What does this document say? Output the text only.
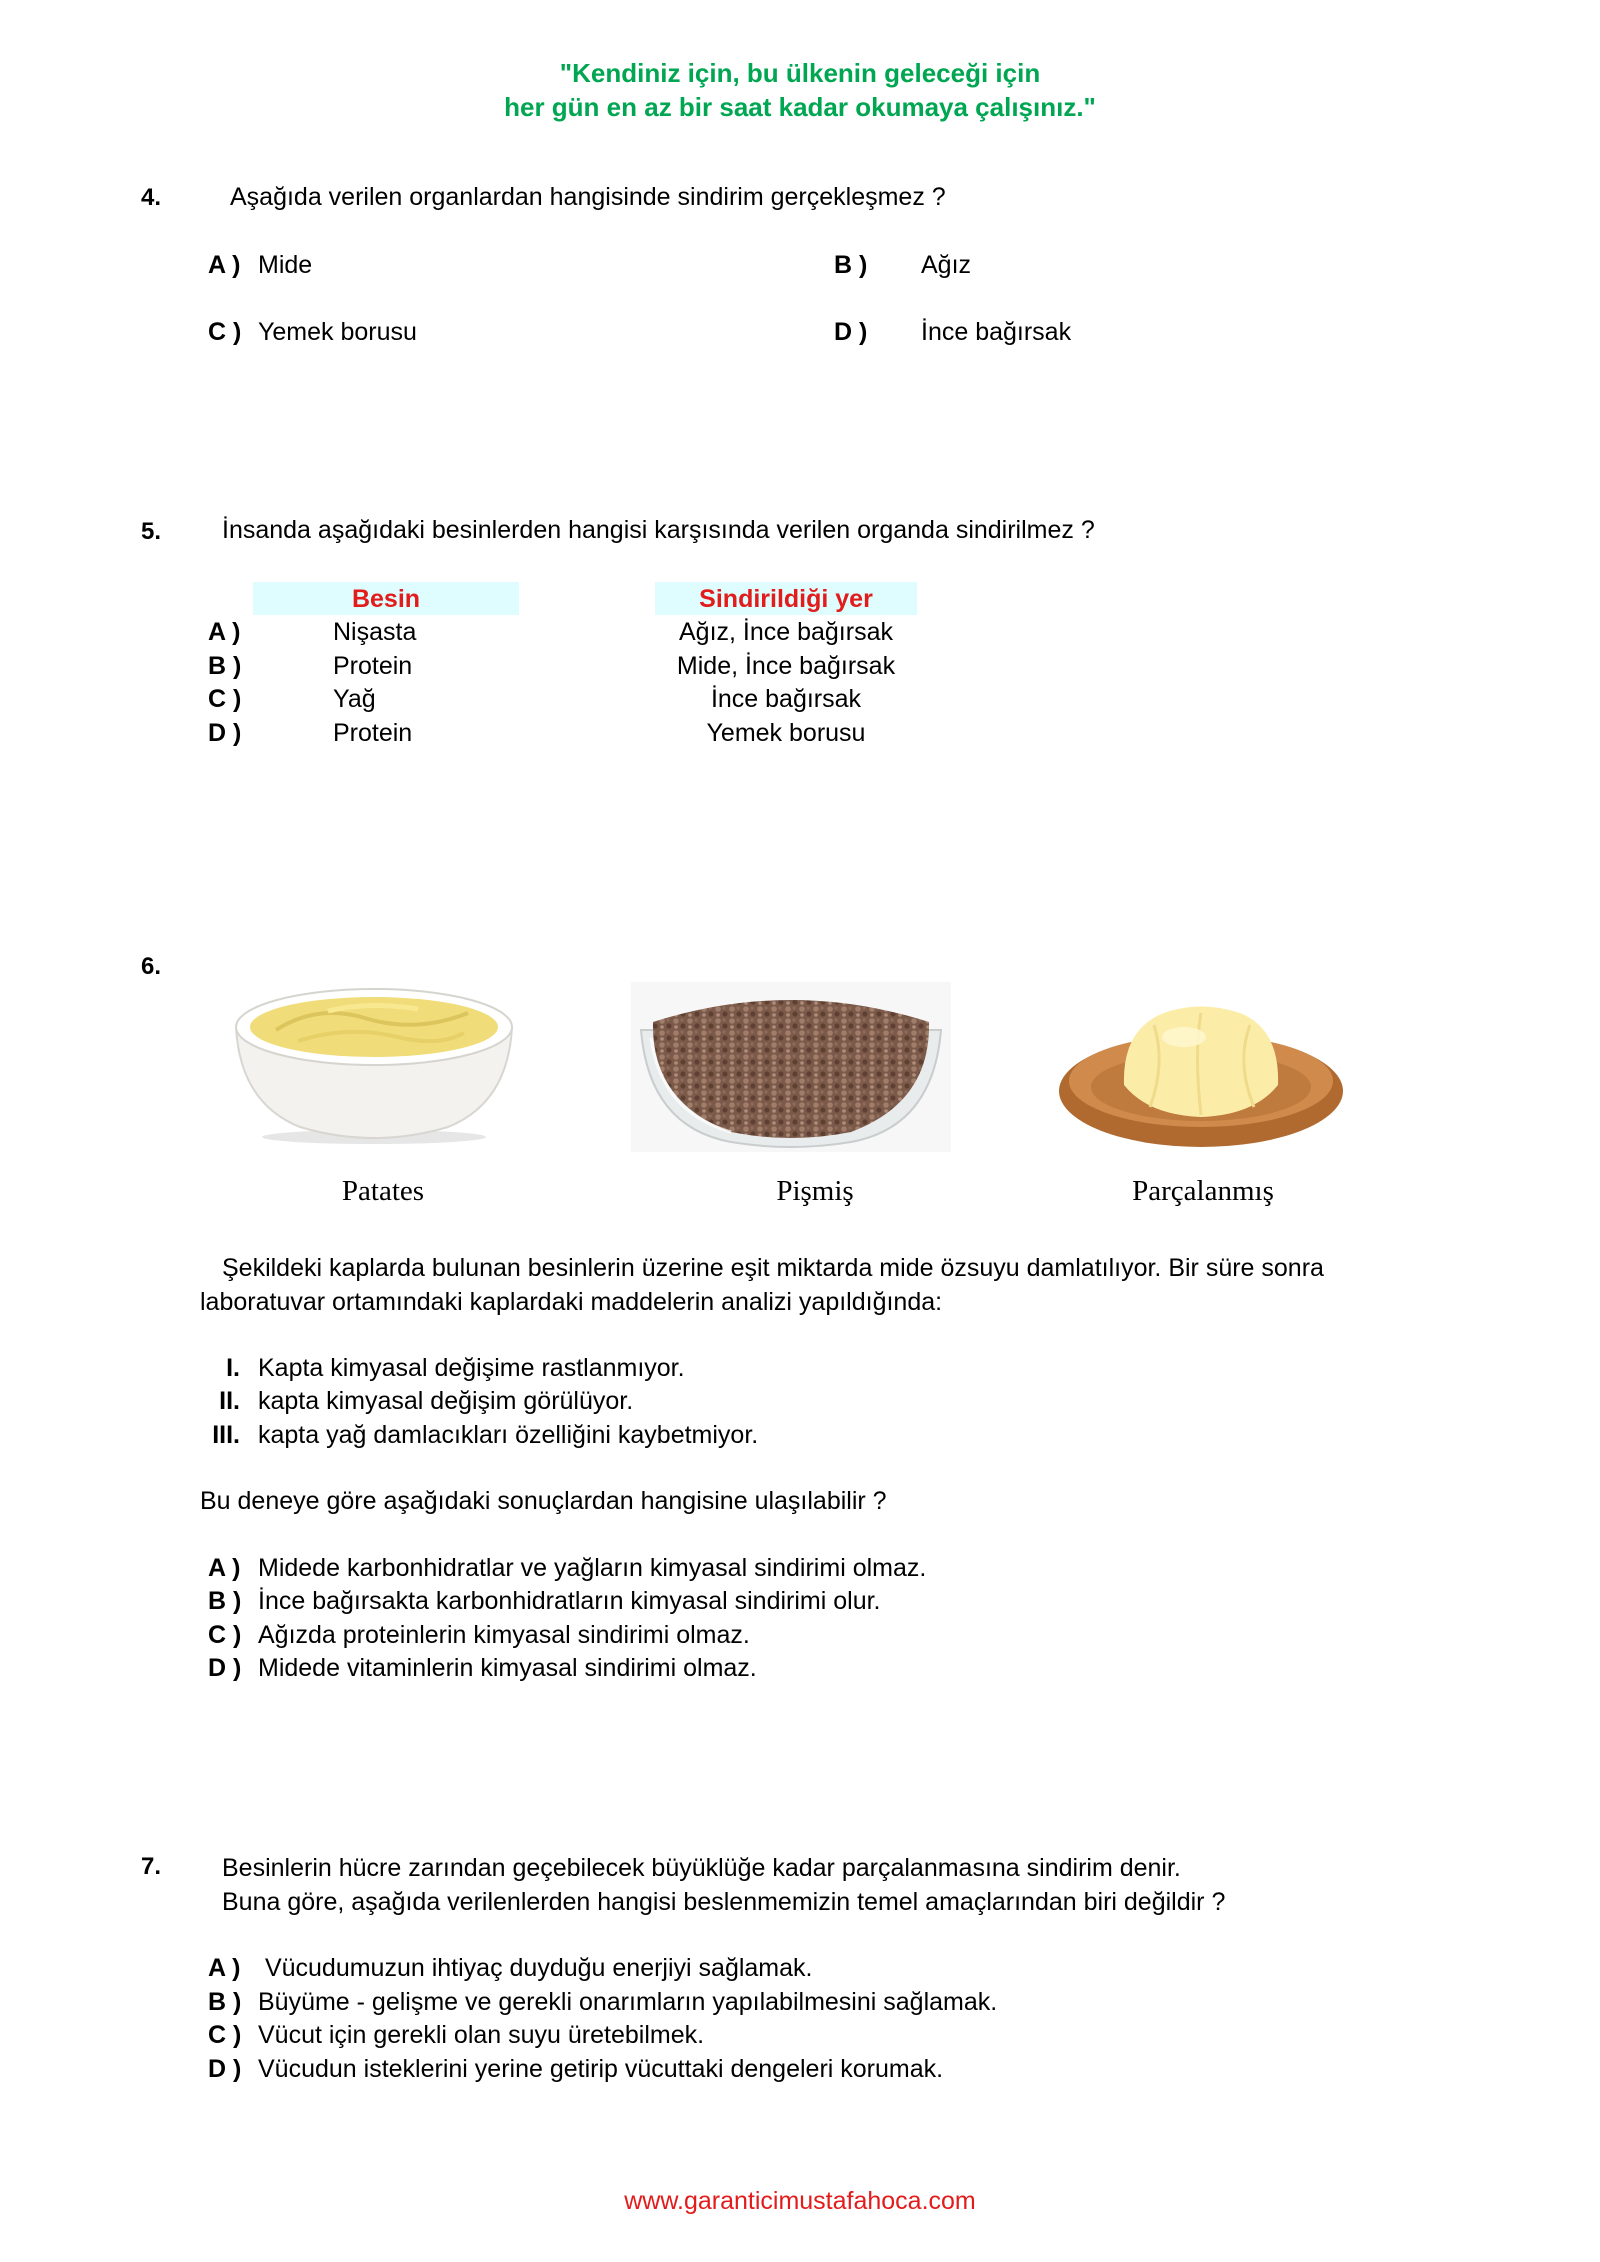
"Kendiniz için, bu ülkenin geleceği için
her gün en az bir saat kadar okumaya çalışınız."
4.	Aşağıda verilen organlardan hangisinde sindirim gerçekleşmez ?
A ) Mide	B ) Ağız
C ) Yemek borusu	D ) İnce bağırsak
5. İnsanda aşağıdaki besinlerden hangisi karşısında verilen organda sindirilmez ?
Besin	Sindirildiği yer
A )	Nişasta	Ağız, İnce bağırsak
B )	Protein	Mide, İnce bağırsak
C )	Yağ	İnce bağırsak
D )	Protein	Yemek borusu
6.
Patates	Pişmiş	Parçalanmış
Şekildeki kaplarda bulunan besinlerin üzerine eşit miktarda mide özsuyu damlatılıyor. Bir süre sonra
laboratuvar ortamındaki kaplardaki maddelerin analizi yapıldığında:
I. Kapta kimyasal değişime rastlanmıyor.
II. kapta kimyasal değişim görülüyor.
III. kapta yağ damlacıkları özelliğini kaybetmiyor.
Bu deneye göre aşağıdaki sonuçlardan hangisine ulaşılabilir ?
A ) Midede karbonhidratlar ve yağların kimyasal sindirimi olmaz.
B ) İnce bağırsakta karbonhidratların kimyasal sindirimi olur.
C ) Ağızda proteinlerin kimyasal sindirimi olmaz.
D ) Midede vitaminlerin kimyasal sindirimi olmaz.
7. Besinlerin hücre zarından geçebilecek büyüklüğe kadar parçalanmasına sindirim denir.
Buna göre, aşağıda verilenlerden hangisi beslenmemizin temel amaçlarından biri değildir ?
A ) Vücudumuzun ihtiyaç duyduğu enerjiyi sağlamak.
B ) Büyüme - gelişme ve gerekli onarımların yapılabilmesini sağlamak.
C ) Vücut için gerekli olan suyu üretebilmek.
D ) Vücudun isteklerini yerine getirip vücuttaki dengeleri korumak.
www.garanticimustafahoca.com
